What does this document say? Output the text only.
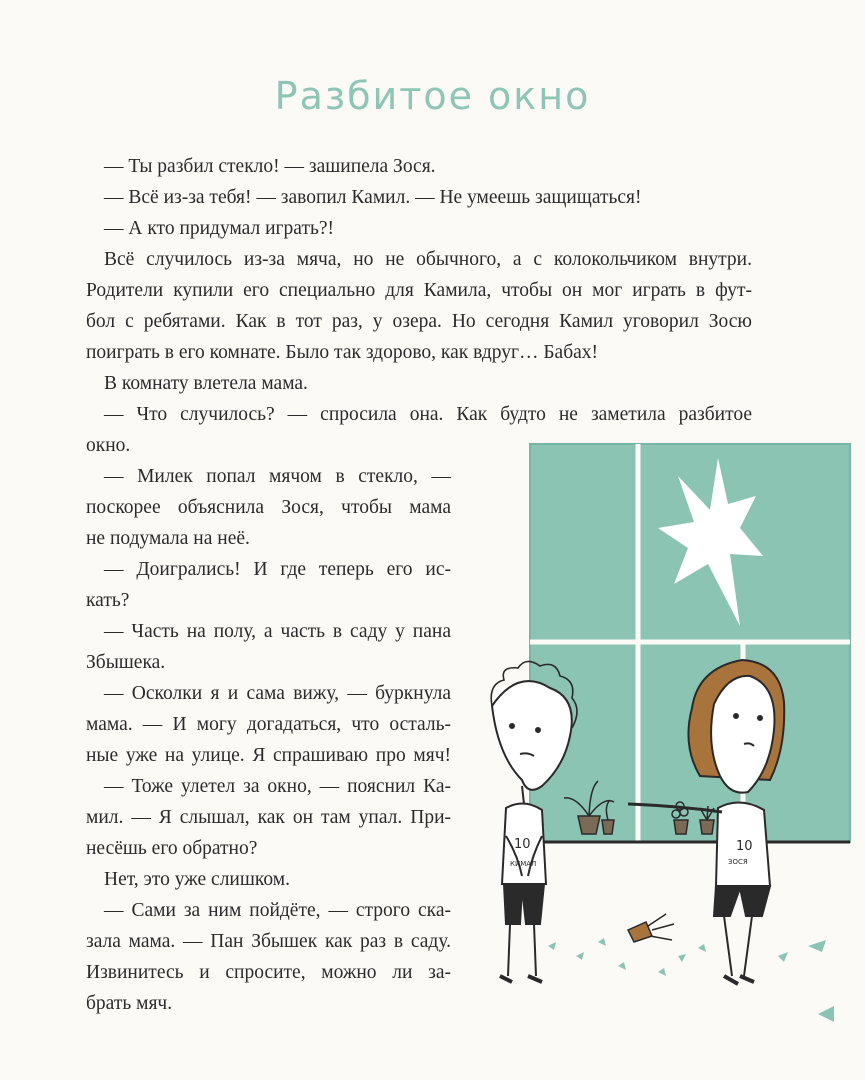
Разбитое окно
— Ты разбил стекло! — зашипела Зося.
— Всё из-за тебя! — завопил Камил. — Не умеешь защищаться!
— А кто придумал играть?!
Всё случилось из-за мяча, но не обычного, а с колокольчиком внутри.
Родители купили его специально для Камила, чтобы он мог играть в фут-
бол с ребятами. Как в тот раз, у озера. Но сегодня Камил уговорил Зосю
поиграть в его комнате. Было так здорово, как вдруг… Бабах!
В комнату влетела мама.
— Что случилось? — спросила она. Как будто не заметила разбитое
окно.
— Милек попал мячом в стекло, —
поскорее объяснила Зося, чтобы мама
не подумала на неё.
— Доигрались! И где теперь его ис-
кать?
— Часть на полу, а часть в саду у пана
Збышека.
— Осколки я и сама вижу, — буркнула
мама. — И могу догадаться, что осталь-
ные уже на улице. Я спрашиваю про мяч!
— Тоже улетел за окно, — пояснил Ка-
мил. — Я слышал, как он там упал. При-
несёшь его обратно?
Нет, это уже слишком.
— Сами за ним пойдёте, — строго ска-
зала мама. — Пан Збышек как раз в саду.
Извинитесь и спросите, можно ли за-
брать мяч.
10
КИМАЛ
10
ЗОСЯ
